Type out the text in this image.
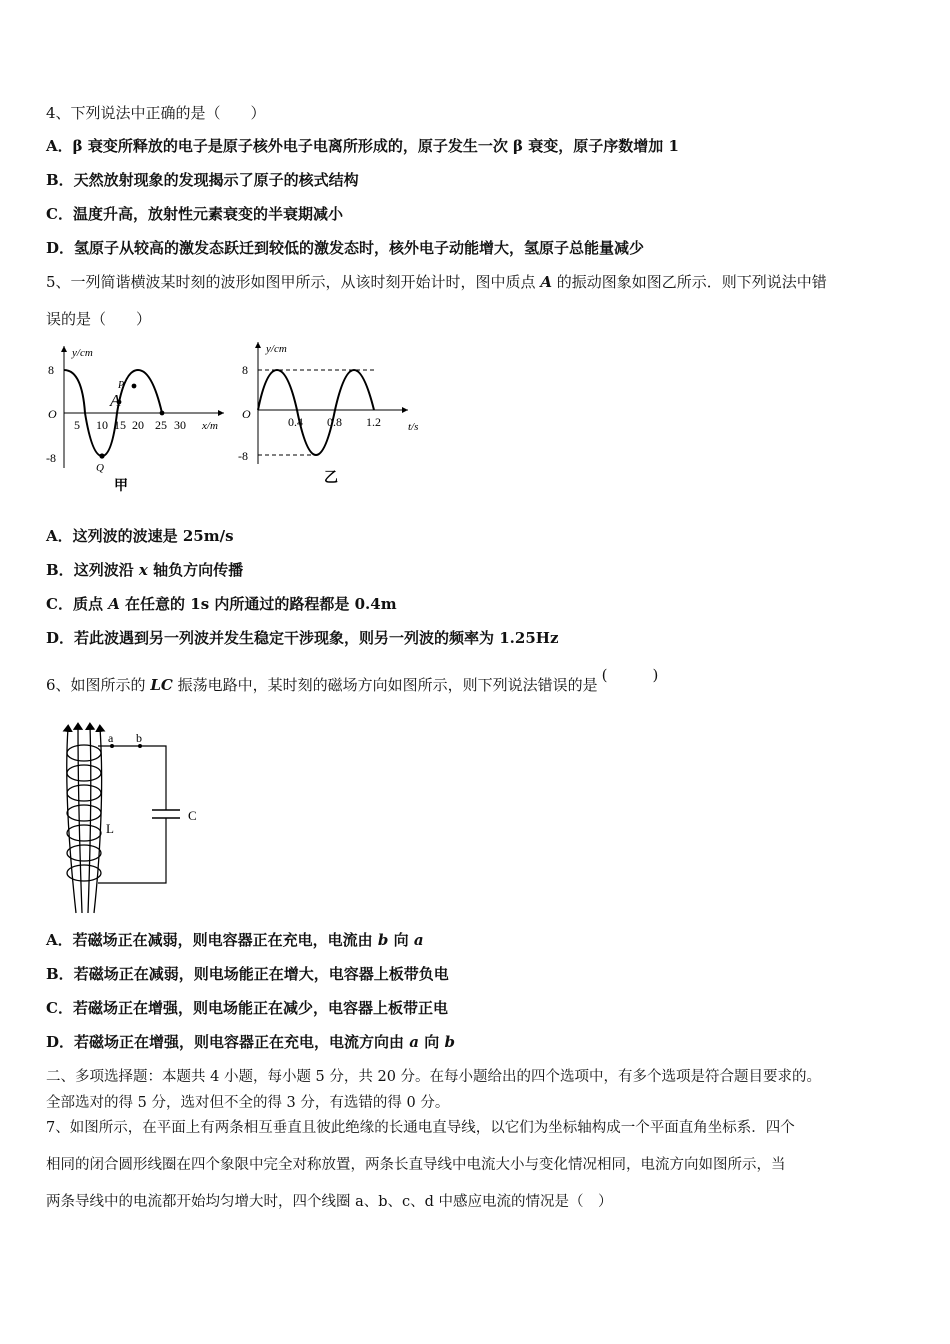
4、下列说法中正确的是（　　）
A．β 衰变所释放的电子是原子核外电子电离所形成的，原子发生一次 β 衰变，原子序数增加 1
B．天然放射现象的发现揭示了原子的核式结构
C．温度升高，放射性元素衰变的半衰期减小
D．氢原子从较高的激发态跃迁到较低的激发态时，核外电子动能增大，氢原子总能量减少
5、一列简谐横波某时刻的波形如图甲所示，从该时刻开始计时，图中质点 A 的振动图象如图乙所示．则下列说法中错
误的是（　　）
y/cm
8
O
-8
5 10 15 20 25 30 x/m
P
A
Q
甲
y/cm
8
O
-8
0.4 0.8 1.2 t/s
乙
A．这列波的波速是 25m/s
B．这列波沿 x 轴负方向传播
C．质点 A 在任意的 1s 内所通过的路程都是 0.4m
D．若此波遇到另一列波并发生稳定干涉现象，则另一列波的频率为 1.25Hz
6、如图所示的 LC 振荡电路中，某时刻的磁场方向如图所示，则下列说法错误的是(　　　)
a b
L
C
A．若磁场正在减弱，则电容器正在充电，电流由 b 向 a
B．若磁场正在减弱，则电场能正在增大，电容器上板带负电
C．若磁场正在增强，则电场能正在减少，电容器上板带正电
D．若磁场正在增强，则电容器正在充电，电流方向由 a 向 b
二、多项选择题：本题共 4 小题，每小题 5 分，共 20 分。在每小题给出的四个选项中，有多个选项是符合题目要求的。
全部选对的得 5 分，选对但不全的得 3 分，有选错的得 0 分。
7、如图所示，在平面上有两条相互垂直且彼此绝缘的长通电直导线，以它们为坐标轴构成一个平面直角坐标系．四个
相同的闭合圆形线圈在四个象限中完全对称放置，两条长直导线中电流大小与变化情况相同，电流方向如图所示，当
两条导线中的电流都开始均匀增大时，四个线圈 a、b、c、d 中感应电流的情况是（　）
